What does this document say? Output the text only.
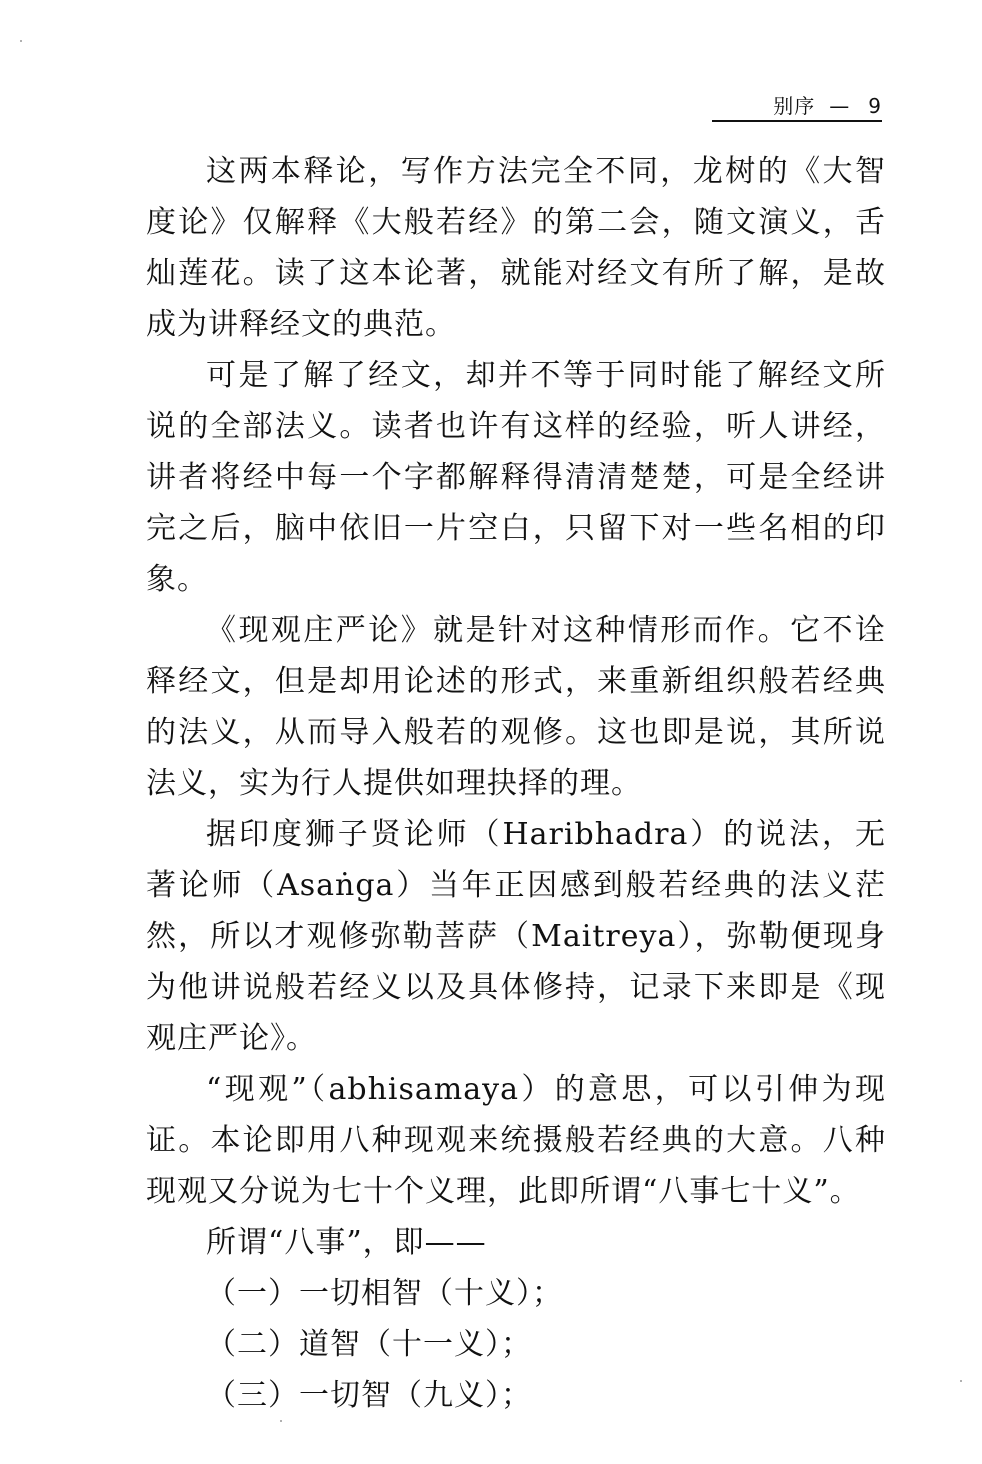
别序 — 9

这两本释论，写作方法完全不同，龙树的《大智度论》仅解释《大般若经》的第二会，随文演义，舌灿莲花。读了这本论著，就能对经文有所了解，是故成为讲释经文的典范。

可是了解了经文，却并不等于同时能了解经文所说的全部法义。读者也许有这样的经验，听人讲经，讲者将经中每一个字都解释得清清楚楚，可是全经讲完之后，脑中依旧一片空白，只留下对一些名相的印象。

《现观庄严论》就是针对这种情形而作。它不诠释经文，但是却用论述的形式，来重新组织般若经典的法义，从而导入般若的观修。这也即是说，其所说法义，实为行人提供如理抉择的理。

据印度狮子贤论师（Haribhadra）的说法，无著论师（Asaṅga）当年正因感到般若经典的法义茫然，所以才观修弥勒菩萨（Maitreya），弥勒便现身为他讲说般若经义以及具体修持，记录下来即是《现观庄严论》。

“现观”（abhisamaya）的意思，可以引伸为现证。本论即用八种现观来统摄般若经典的大意。八种现观又分说为七十个义理，此即所谓“八事七十义”。

所谓“八事”，即——

（一）一切相智（十义）；

（二）道智（十一义）；

（三）一切智（九义）；
